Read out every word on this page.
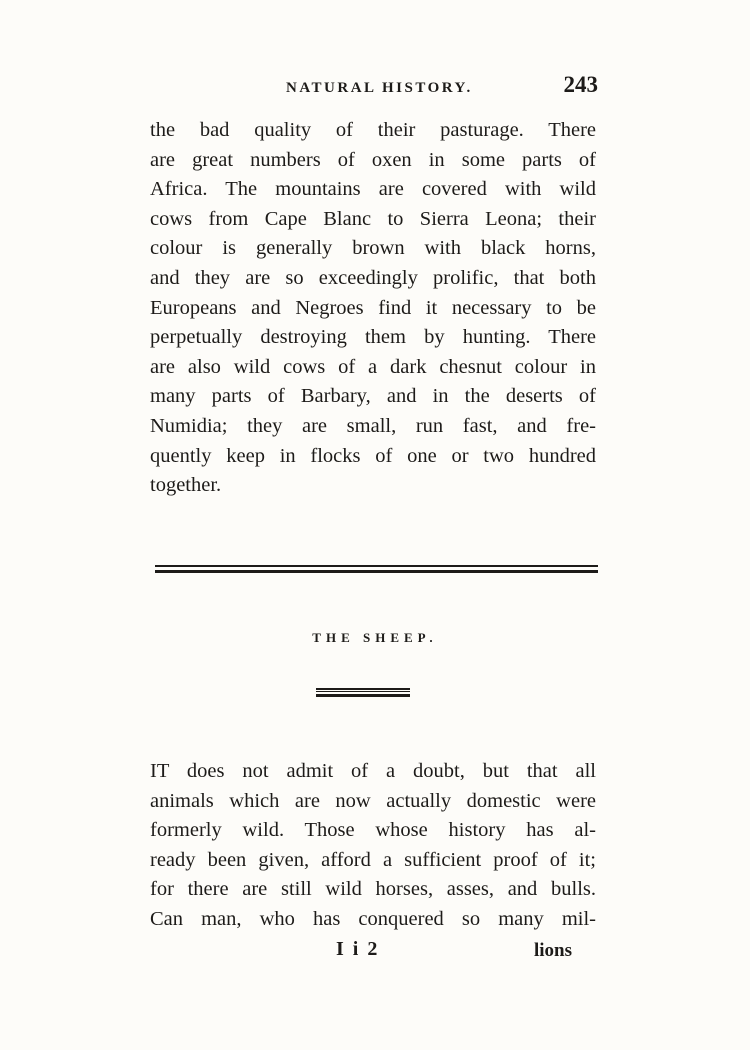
NATURAL HISTORY.	243
the bad quality of their pasturage. There
are great numbers of oxen in some parts of
Africa. The mountains are covered with wild
cows from Cape Blanc to Sierra Leona; their
colour is generally brown with black horns,
and they are so exceedingly prolific, that both
Europeans and Negroes find it necessary to be
perpetually destroying them by hunting. There
are also wild cows of a dark chesnut colour in
many parts of Barbary, and in the deserts of
Numidia; they are small, run fast, and fre-
quently keep in flocks of one or two hundred
together.
THE SHEEP.
IT does not admit of a doubt, but that all
animals which are now actually domestic were
formerly wild. Those whose history has al-
ready been given, afford a sufficient proof of it;
for there are still wild horses, asses, and bulls.
Can man, who has conquered so many mil-
I i 2	lions
